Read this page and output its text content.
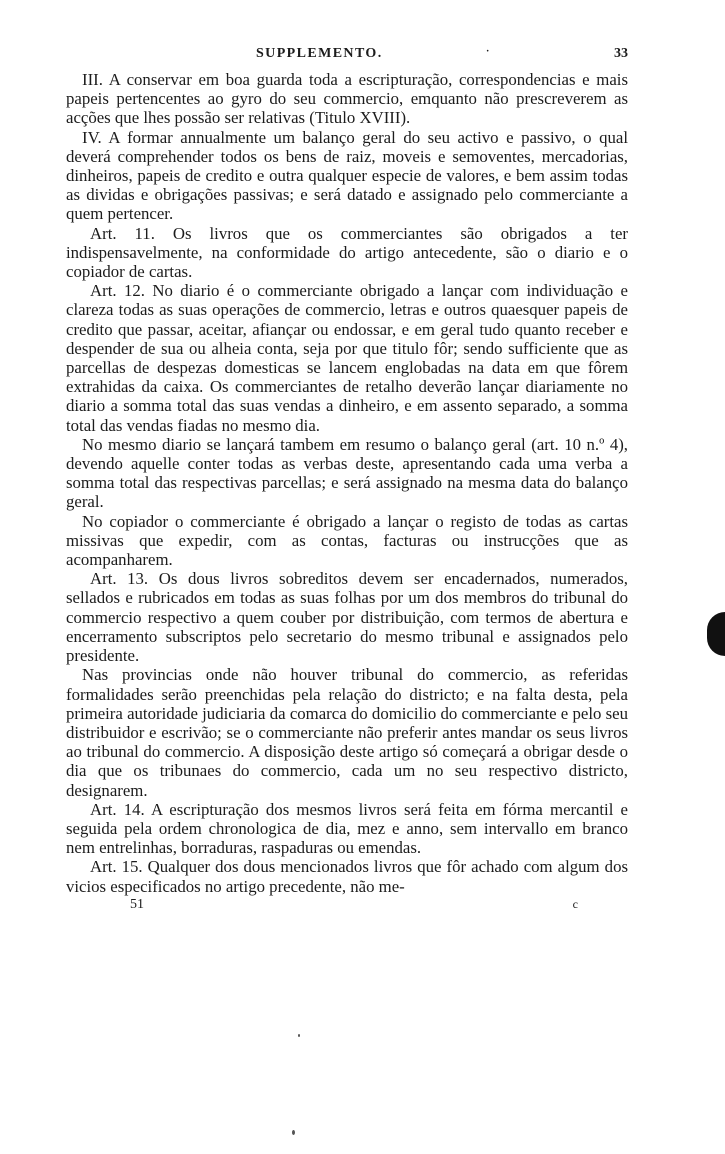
SUPPLEMENTO.	·	33

III. A conservar em boa guarda toda a escripturação, correspondencias e mais papeis pertencentes ao gyro do seu commercio, emquanto não prescreverem as acções que lhes possão ser relativas (Titulo XVIII).

IV. A formar annualmente um balanço geral do seu activo e passivo, o qual deverá comprehender todos os bens de raiz, moveis e semoventes, mercadorias, dinheiros, papeis de credito e outra qualquer especie de valores, e bem assim todas as dividas e obrigações passivas; e será datado e assignado pelo commerciante a quem pertencer.

Art. 11. Os livros que os commerciantes são obrigados a ter indispensavelmente, na conformidade do artigo antecedente, são o diario e o copiador de cartas.

Art. 12. No diario é o commerciante obrigado a lançar com individuação e clareza todas as suas operações de commercio, letras e outros quaesquer papeis de credito que passar, aceitar, afiançar ou endossar, e em geral tudo quanto receber e despender de sua ou alheia conta, seja por que titulo fôr; sendo sufficiente que as parcellas de despezas domesticas se lancem englobadas na data em que fôrem extrahidas da caixa. Os commerciantes de retalho deverão lançar diariamente no diario a somma total das suas vendas a dinheiro, e em assento separado, a somma total das vendas fiadas no mesmo dia.

No mesmo diario se lançará tambem em resumo o balanço geral (art. 10 n.º 4), devendo aquelle conter todas as verbas deste, apresentando cada uma verba a somma total das respectivas parcellas; e será assignado na mesma data do balanço geral.

No copiador o commerciante é obrigado a lançar o registo de todas as cartas missivas que expedir, com as contas, facturas ou instrucções que as acompanharem.

Art. 13. Os dous livros sobreditos devem ser encadernados, numerados, sellados e rubricados em todas as suas folhas por um dos membros do tribunal do commercio respectivo a quem couber por distribuição, com termos de abertura e encerramento subscriptos pelo secretario do mesmo tribunal e assignados pelo presidente.

Nas provincias onde não houver tribunal do commercio, as referidas formalidades serão preenchidas pela relação do districto; e na falta desta, pela primeira autoridade judiciaria da comarca do domicilio do commerciante e pelo seu distribuidor e escrivão; se o commerciante não preferir antes mandar os seus livros ao tribunal do commercio. A disposição deste artigo só começará a obrigar desde o dia que os tribunaes do commercio, cada um no seu respectivo districto, designarem.

Art. 14. A escripturação dos mesmos livros será feita em fórma mercantil e seguida pela ordem chronologica de dia, mez e anno, sem intervallo em branco nem entrelinhas, borraduras, raspaduras ou emendas.

Art. 15. Qualquer dos dous mencionados livros que fôr achado com algum dos vicios especificados no artigo precedente, não me-

51	c
